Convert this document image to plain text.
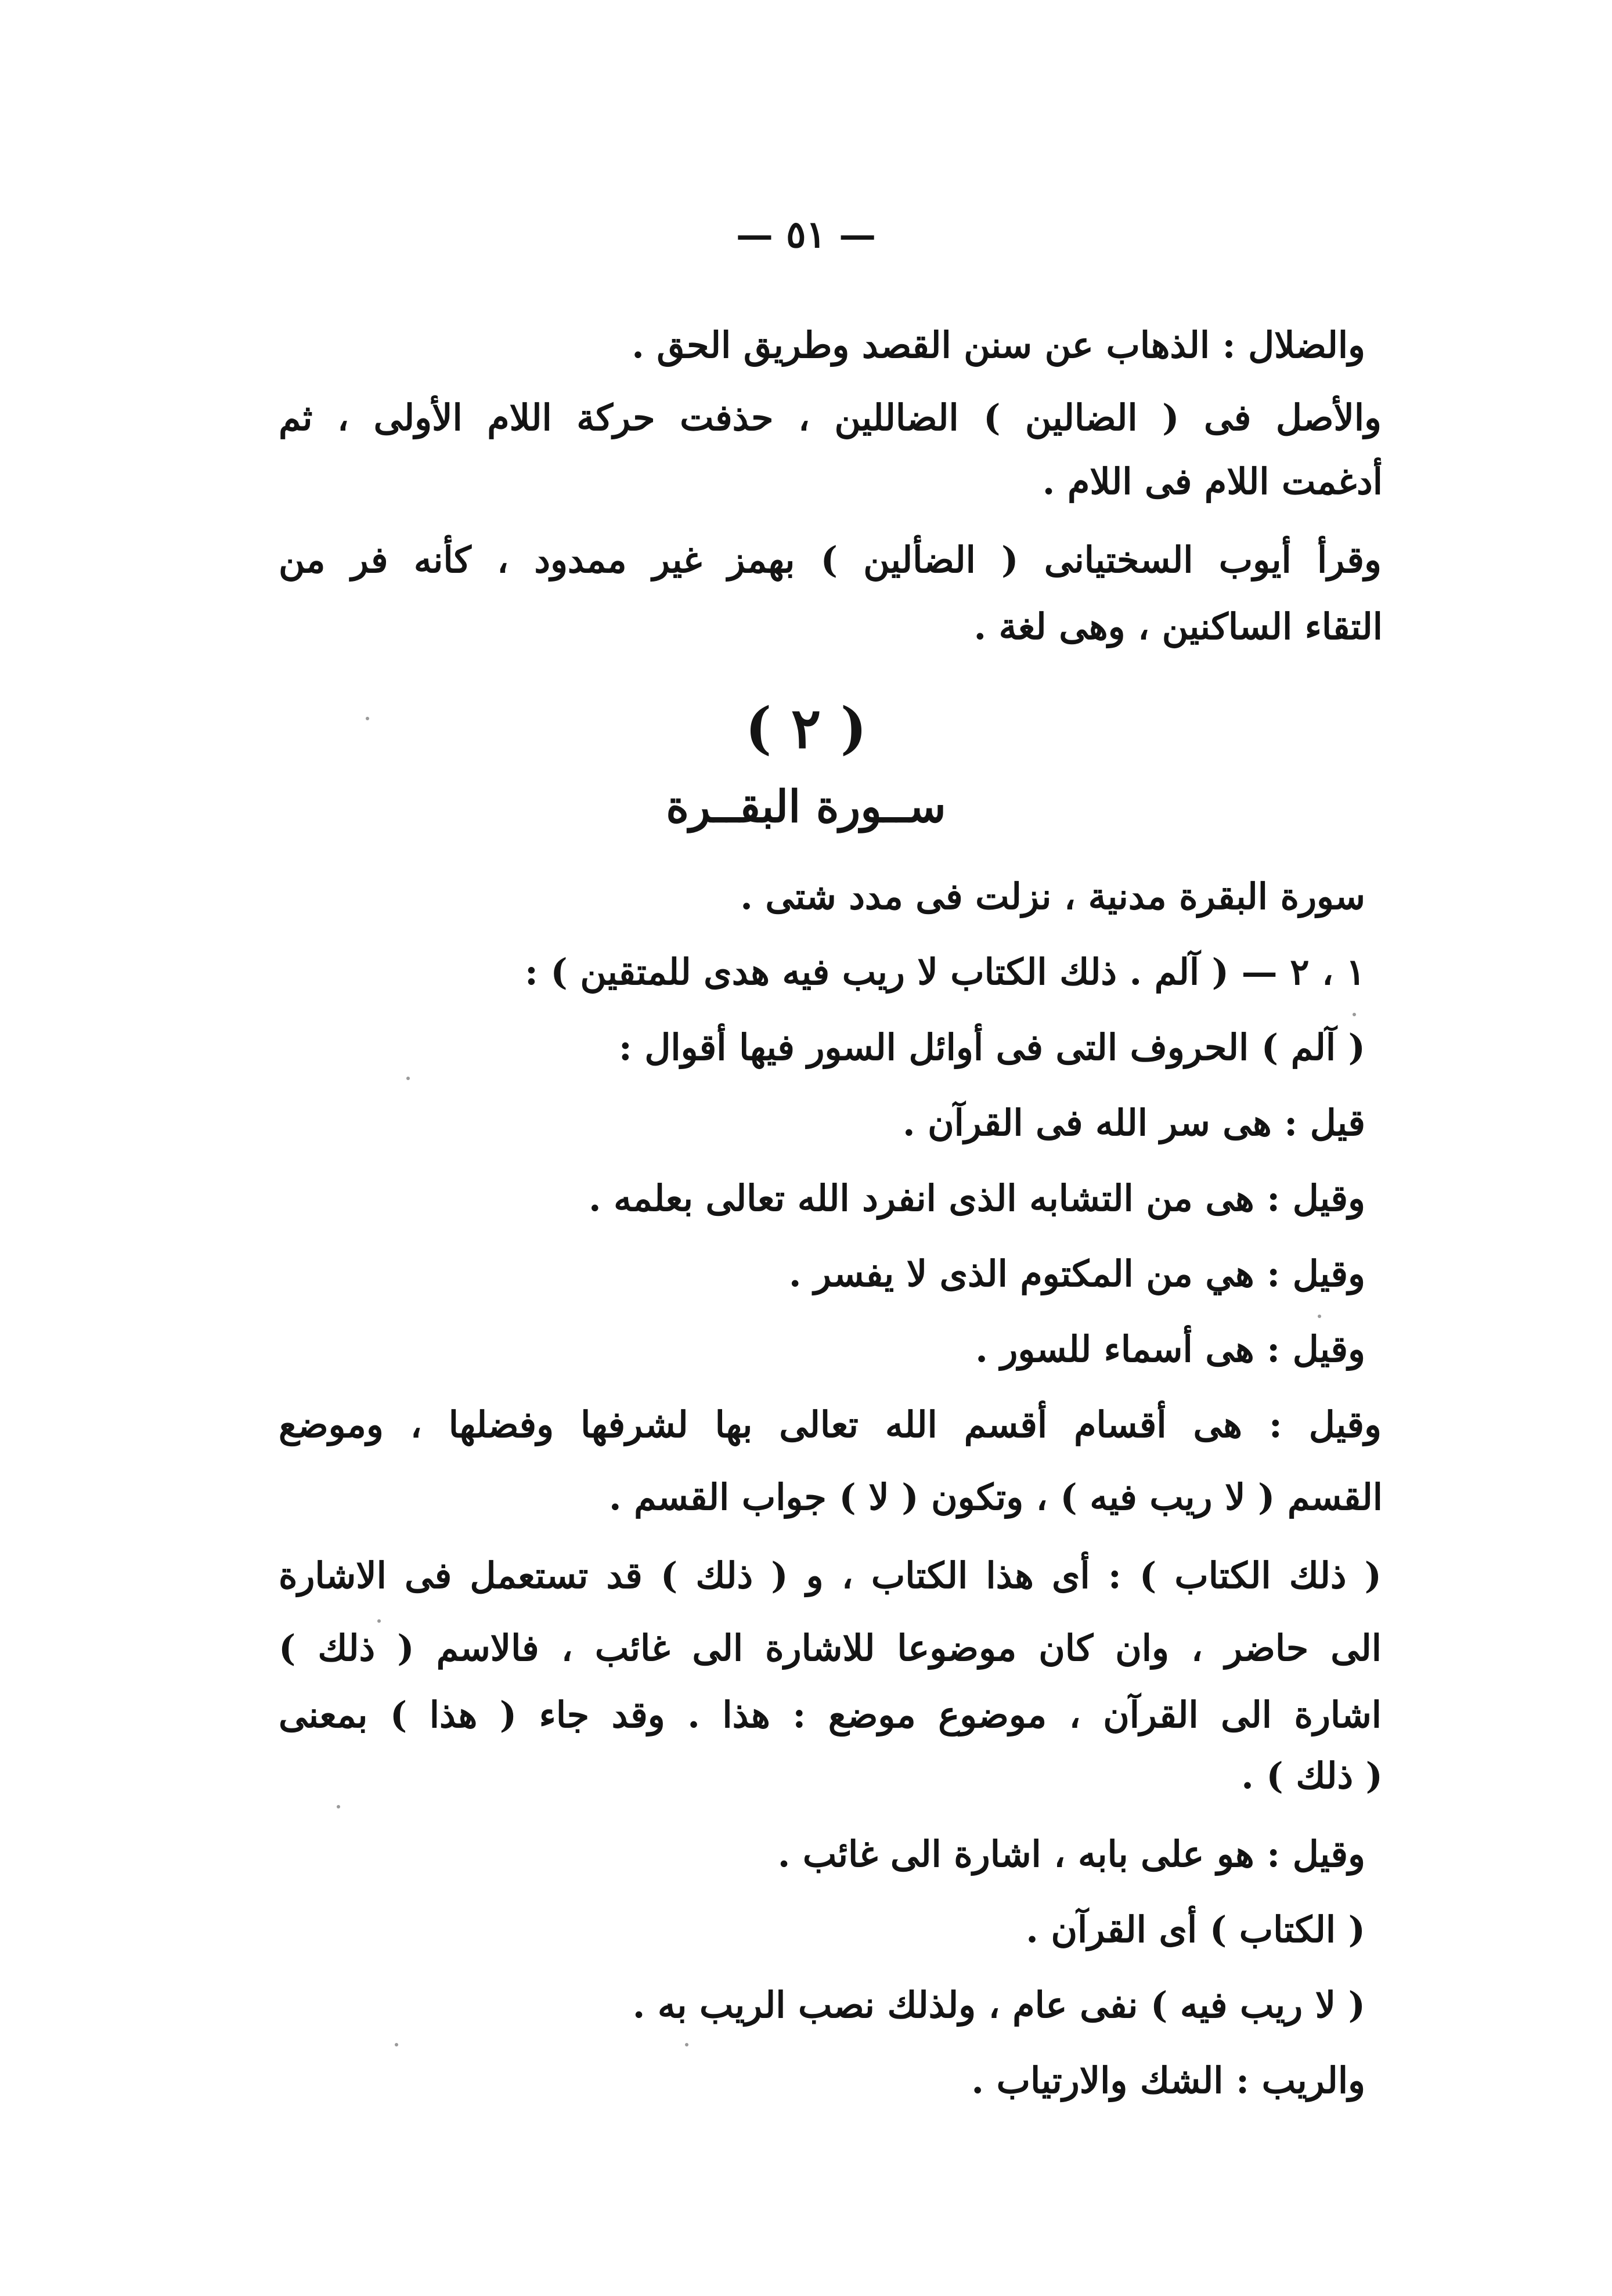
— ٥١ —
والضلال : الذهاب عن سنن القصد وطريق الحق .
والأصل فى ( الضالين ) الضاللين ، حذفت حركة اللام الأولى ، ثم
أدغمت اللام فى اللام .
وقرأ أيوب السختيانى ( الضألين ) بهمز غير ممدود ، كأنه فر من
التقاء الساكنين ، وهى لغة .
( ٢ )
ســورة البقــرة
سورة البقرة مدنية ، نزلت فى مدد شتى .
١ ، ٢ — ( آلم . ذلك الكتاب لا ريب فيه هدى للمتقين ) :
( آلم ) الحروف التى فى أوائل السور فيها أقوال :
قيل : هى سر الله فى القرآن .
وقيل : هى من التشابه الذى انفرد الله تعالى بعلمه .
وقيل : هي من المكتوم الذى لا يفسر .
وقيل : هى أسماء للسور .
وقيل : هى أقسام أقسم الله تعالى بها لشرفها وفضلها ، وموضع
القسم ( لا ريب فيه ) ، وتكون ( لا ) جواب القسم .
( ذلك الكتاب ) : أى هذا الكتاب ، و ( ذلك ) قد تستعمل فى الاشارة
الى حاضر ، وان كان موضوعا للاشارة الى غائب ، فالاسم ( ذلك )
اشارة الى القرآن ، موضوع موضع : هذا . وقد جاء ( هذا ) بمعنى
( ذلك ) .
وقيل : هو على بابه ، اشارة الى غائب .
( الكتاب ) أى القرآن .
( لا ريب فيه ) نفى عام ، ولذلك نصب الريب به .
والريب : الشك والارتياب .
